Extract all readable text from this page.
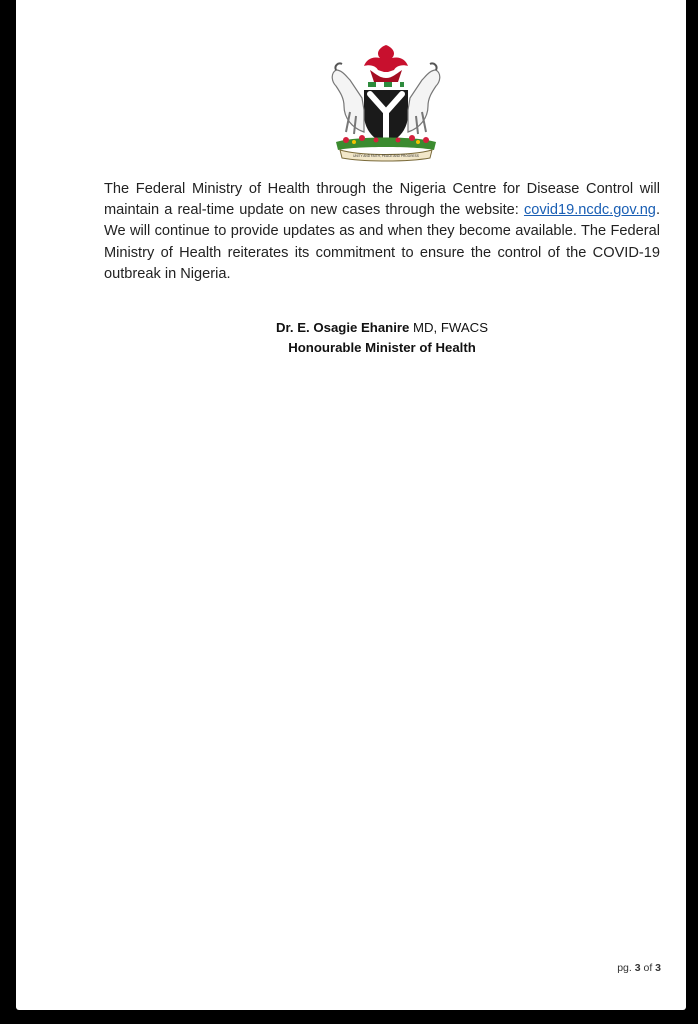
UNITY AND FAITH, PEACE AND PROGRESS

The Federal Ministry of Health through the Nigeria Centre for Disease Control will maintain a real-time update on new cases through the website: covid19.ncdc.gov.ng. We will continue to provide updates as and when they become available. The Federal Ministry of Health reiterates its commitment to ensure the control of the COVID-19 outbreak in Nigeria.

Dr. E. Osagie Ehanire MD, FWACS

Honourable Minister of Health

pg. 3 of 3
